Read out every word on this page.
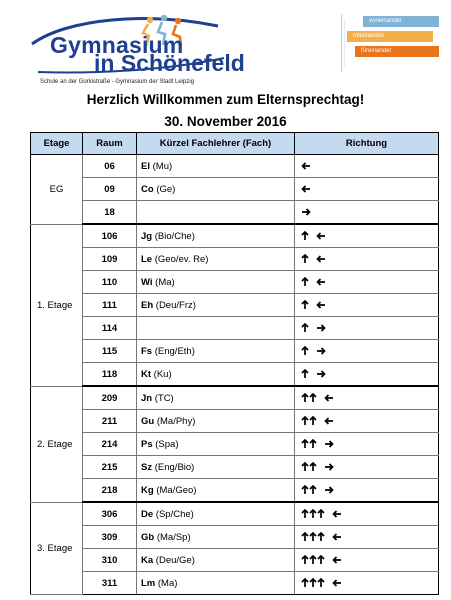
Gymnasium
in Schönefeld
Schule an der Gorkistraße - Gymnasium der Stadt Leipzig
voneinander
miteinander
füreinander
Herzlich Willkommen zum Elternsprechtag!
30. November 2016
Etage	Raum	Kürzel Fachlehrer (Fach)	Richtung
EG	06	El (Mu)	
	09	Co (Ge)	
	18		
1. Etage	106	Jg (Bio/Che)	
	109	Le (Geo/ev. Re)	
	110	Wi (Ma)	
	111	Eh (Deu/Frz)	
	114		
	115	Fs (Eng/Eth)	
	118	Kt (Ku)	
2. Etage	209	Jn (TC)	
	211	Gu (Ma/Phy)	
	214	Ps (Spa)	
	215	Sz (Eng/Bio)	
	218	Kg (Ma/Geo)	
3. Etage	306	De (Sp/Che)	
	309	Gb (Ma/Sp)	
	310	Ka (Deu/Ge)	
	311	Lm (Ma)	
